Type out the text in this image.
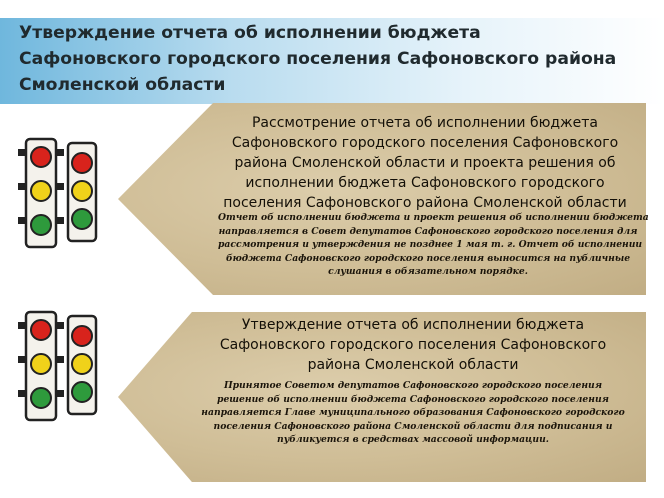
Утверждение отчета об исполнении бюджета
Сафоновского городского поселения Сафоновского района
Смоленской области
Рассмотрение отчета об исполнении бюджета
Сафоновского городского поселения Сафоновского
района Смоленской области и проекта решения об
исполнении бюджета Сафоновского городского
поселения Сафоновского района Смоленской области
Отчет об исполнении бюджета и проект решения об исполнении бюджета
направляется в Совет депутатов Сафоновского городского поселения для
рассмотрения и утверждения не позднее 1 мая т. г. Отчет об исполнении
бюджета Сафоновского городского поселения выносится на публичные
слушания в обязательном порядке.
Утверждение отчета об исполнении бюджета
Сафоновского городского поселения Сафоновского
района Смоленской области
Принятое Советом депутатов Сафоновского городского поселения
решение об исполнении бюджета Сафоновского городского поселения
направляется Главе муниципального образования Сафоновского городского
поселения Сафоновского района Смоленской области для подписания и
публикуется в средствах массовой информации.
